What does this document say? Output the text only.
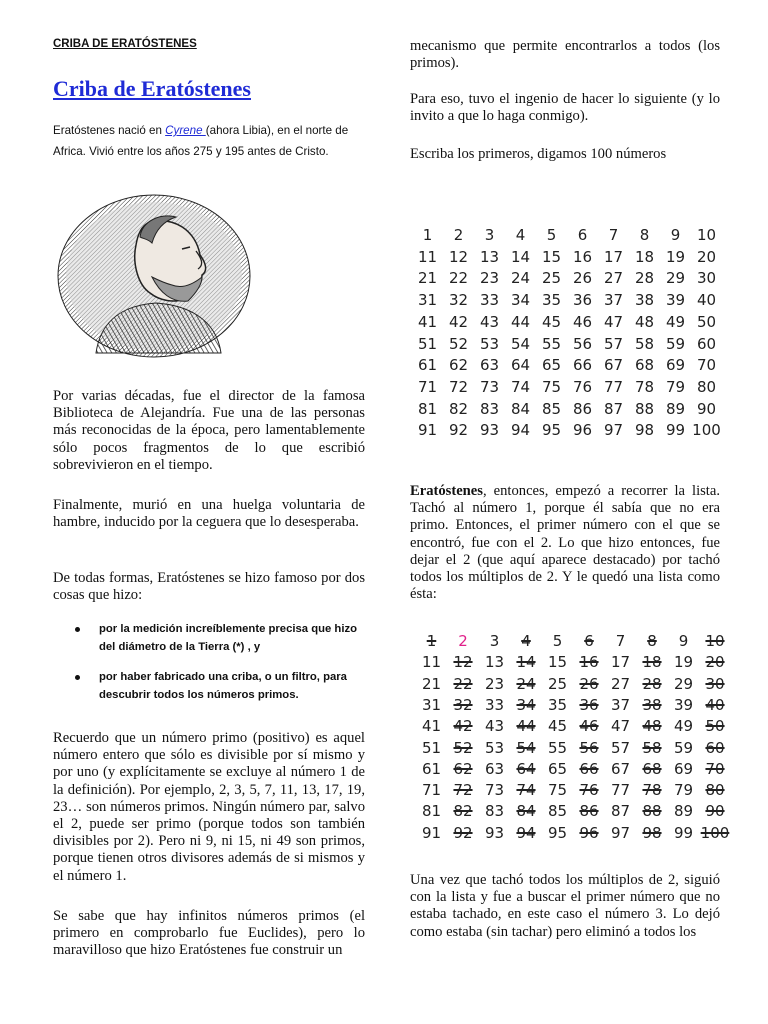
CRIBA DE ERATÓSTENES
Criba de Eratóstenes
Eratóstenes nació en Cyrene (ahora Libia), en el norte de Africa. Vivió entre los años 275 y 195 antes de Cristo.

Por varias décadas, fue el director de la famosa Biblioteca de Alejandría. Fue una de las personas más reconocidas de la época, pero lamentablemente sólo pocos fragmentos de lo que escribió sobrevivieron en el tiempo.

Finalmente, murió en una huelga voluntaria de hambre, inducido por la ceguera que lo desesperaba.

De todas formas, Eratóstenes se hizo famoso por dos cosas que hizo:

por la medición increíblemente precisa que hizo del diámetro de la Tierra (*) , y
por haber fabricado una criba, o un filtro, para descubrir todos los números primos.

Recuerdo que un número primo (positivo) es aquel número entero que sólo es divisible por sí mismo y por uno (y explícitamente se excluye al número 1 de la definición). Por ejemplo, 2, 3, 5, 7, 11, 13, 17, 19, 23… son números primos. Ningún número par, salvo el 2, puede ser primo (porque todos son también divisibles por 2). Pero ni 9, ni 15, ni 49 son primos, porque tienen otros divisores además de si mismos y el número 1.

Se sabe que hay infinitos números primos (el primero en comprobarlo fue Euclides), pero lo maravilloso que hizo Eratóstenes fue construir un

mecanismo que permite encontrarlos a todos (los primos).

Para eso, tuvo el ingenio de hacer lo siguiente (y lo invito a que lo haga conmigo).

Escriba los primeros, digamos 100 números

1	2	3	4	5	6	7	8	9	10
11 12 13 14 15 16 17 18 19 20
21 22 23 24 25 26 27 28 29 30
31 32 33 34 35 36 37 38 39 40
41 42 43 44 45 46 47 48 49 50
51 52 53 54 55 56 57 58 59 60
61 62 63 64 65 66 67 68 69 70
71 72 73 74 75 76 77 78 79 80
81 82 83 84 85 86 87 88 89 90
91 92 93 94 95 96 97 98 99 100

Eratóstenes, entonces, empezó a recorrer la lista. Tachó al número 1, porque él sabía que no era primo. Entonces, el primer número con el que se encontró, fue con el 2. Lo que hizo entonces, fue dejar el 2 (que aquí aparece destacado) por tachó todos los múltiplos de 2. Y le quedó una lista como ésta:

1	2	3	4	5	6	7	8	9	10
11 12 13 14 15 16 17 18 19 20
21 22 23 24 25 26 27 28 29 30
31 32 33 34 35 36 37 38 39 40
41 42 43 44 45 46 47 48 49 50
51 52 53 54 55 56 57 58 59 60
61 62 63 64 65 66 67 68 69 70
71 72 73 74 75 76 77 78 79 80
81 82 83 84 85 86 87 88 89 90
91 92 93 94 95 96 97 98 99 100

Una vez que tachó todos los múltiplos de 2, siguió con la lista y fue a buscar el primer número que no estaba tachado, en este caso el número 3. Lo dejó como estaba (sin tachar) pero eliminó a todos los
